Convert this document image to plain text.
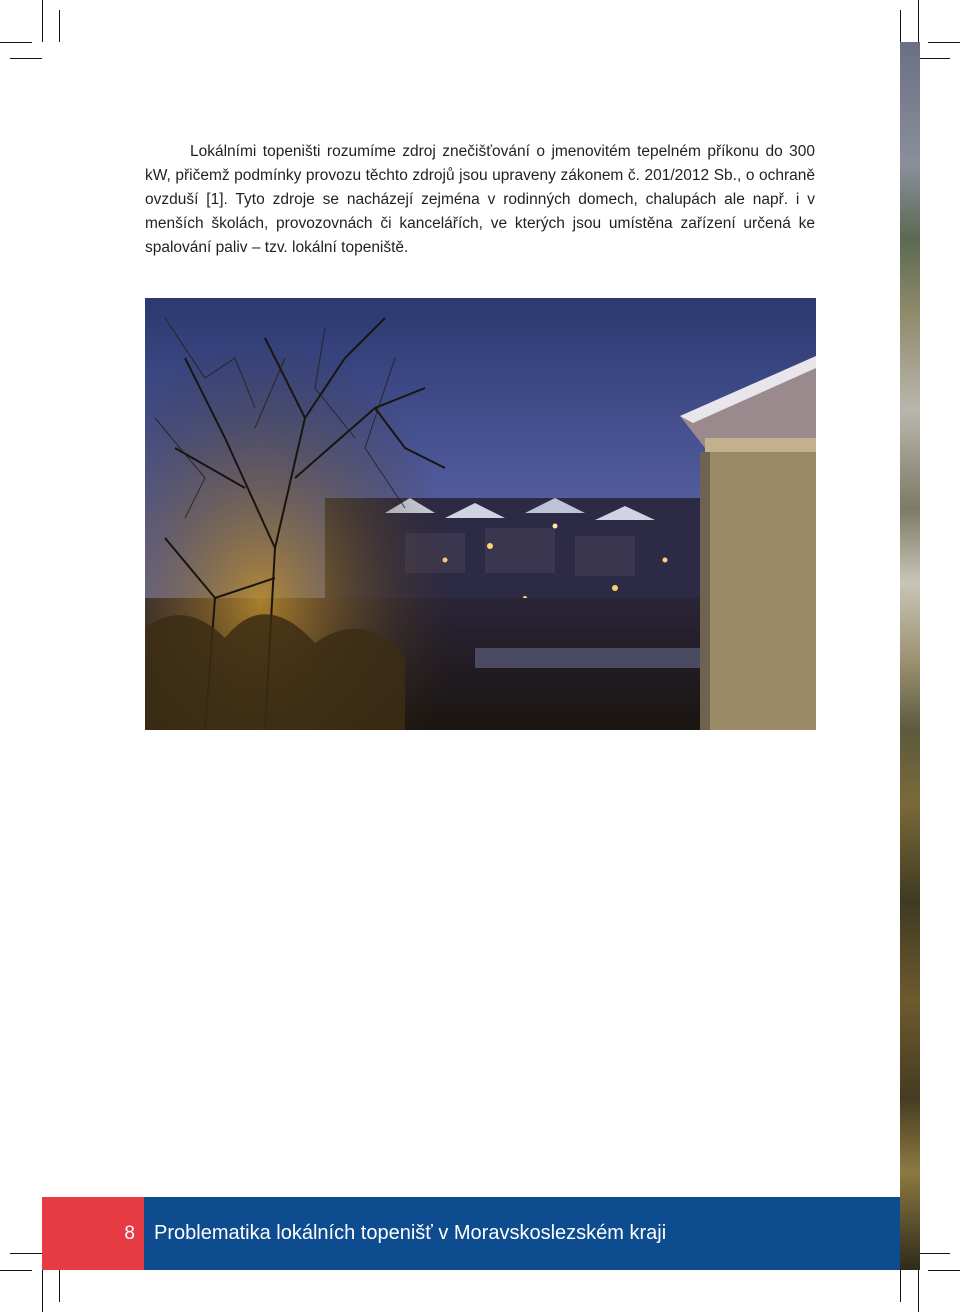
Lokálními topeništi rozumíme zdroj znečišťování o jmenovitém tepelném příkonu do 300 kW, přičemž podmínky provozu těchto zdrojů jsou upraveny zákonem č. 201/2012 Sb., o ochraně ovzduší [1]. Tyto zdroje se nacházejí zejména v rodinných domech, chalupách ale např. i v menších školách, provozovnách či kancelářích, ve kterých jsou umístěna zařízení určená ke spalování paliv – tzv. lokální topeniště.

8 Problematika lokálních topenišť v Moravskoslezském kraji
